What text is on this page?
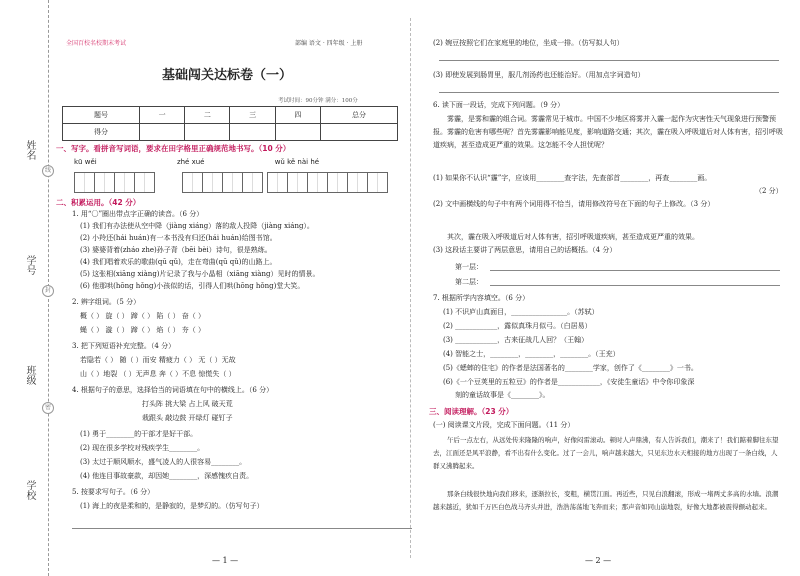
姓名
学号
班级
学校
线
封
密
全国百校名校期末考试	部编 语文 · 四年级 · 上册
基础闯关达标卷（一）
考试时间：90分钟 满分：100分
题号	一	二	三	四	总分
得分					
一、写字。看拼音写词语，要求在田字格里正确规范地书写。（10 分）
kū wěi	zhé xué	wǔ kě nài hé
二、积累运用。（42 分）
1. 用“〇”圈出带点字正确的读音。（6 分）
(1) 我们有办法使从空中降（jiàng xiáng）落的敌人投降（jiàng xiáng）。
(2) 小羚还(hái huán)有一本书没有归还(hái huán)给图书馆。
(3) 婆婆背着(zháo zhe)孙子背（bēi bèi）诗句，很是熟练。
(4) 我们唱着欢乐的歌曲(qū qǔ)，走在弯曲(qū qǔ)的山路上。
(5) 这张相(xiāng xiàng)片记录了我与小晶相（xiāng xiàng）见时的情景。
(6) 他那哄(hōng hǒng)小孩似的话，引得人们哄(hōng hǒng)堂大笑。
2. 辨字组词。（5 分）
概（ ） 旋（ ） 蹄（ ） 陷（ ） 奋（ ）
蝇（ ） 漩（ ） 蹄（ ） 焰（ ） 夯（ ）
3. 把下列短语补充完整。（4 分）
若隐若（ ） 随（ ）而安 精疲力（ ） 无（ ）无故
山（ ）地裂 （ ）无声息 奔（ ）不息 惊慌失（ ）
4. 根据句子的意思，选择恰当的词语填在句中的横线上。（6 分）
打头阵 挑大梁 占上风 破天荒
栽跟头 敲边鼓 开绿灯 碰钉子
(1) 勇于________的干部才是好干部。
(2) 现在很多学校对残疾学生________。
(3) 太过于顺风顺水，盛气凌人的人很容易________。
(4) 他连目事故豪款，却因她________，深感愧疚自责。
5. 按要求写句子。（6 分）
(1) 海上的夜是柔和的，是静寂的，是梦幻的。（仿写句子）
— 1 —
(2) 婉豆按照它们在家庭里的地位，坐成一排。（仿写拟人句）
(3) 即使发展到肠胃里，服几剂汤药也还能治好。（用加点字词造句）
6. 读下面一段话，完成下列问题。（9 分）
雾霾，是雾和霾的组合词。雾霾常见于城市。中国不少地区将雾并入霾一起作为灾害性天气现象进行预警预报。雾霾的危害有哪些呢？首先雾霾影响能见度，影响道路交通；其次，霾在吸入呼吸道后对人体有害，招引呼吸道疾病，甚至造成更严重的效果。这怎能不令人担忧呢？
(1) 如果你不认识“霾”字，应该用________查字法，先查部首________，再查________画。
（2 分）
(2) 文中画横线的句子中有两个词用得不恰当，请用修改符号在下面的句子上修改。（3 分）
其次，霾在吸入呼吸道后对人体有害，招引呼吸道疾病，甚至造成更严重的效果。
(3) 这段话主要讲了两层意思，请用自己的话概括。（4 分）
第一层：
第二层：
7. 根据所学内容填空。（6 分）
(1) 不识庐山真面目，________________。（苏轼）
(2) ____________，露似真珠月似弓。（白居易）
(3) ____________，古来征战几人回？（王翰）
(4) 智能之士，________，________，________。（王充）
(5)《蟋蟀的住宅》的作者是法国著名的________学家，创作了《________》一书。
(6)《一个豆荚里的五粒豆》的作者是____________，《安徒生童话》中令你印象深
刻的童话故事是《________》。
三、阅读理解。（23 分）
(一) 阅读课文片段，完成下面问题。（11 分）
午后一点左右，从远处传来隆隆的响声，好像闷雷滚动。顿时人声鼎沸，有人告诉我们，潮来了！我们踮着脚往东望去，江面还是风平浪静，看不出有什么变化。过了一会儿，响声越来越大，只见东边水天相接的地方出现了一条白线，人群又沸腾起来。
那条白线很快地向我们移来，逐渐拉长，变粗，横贯江面。再近些，只见白浪翻滚，形成一堵两丈多高的水墙。浪潮越来越近，犹如千万匹白色战马齐头并进，浩浩荡荡地飞奔而来；那声音如同山崩地裂，好像大地都被震得颤动起来。
— 2 —
